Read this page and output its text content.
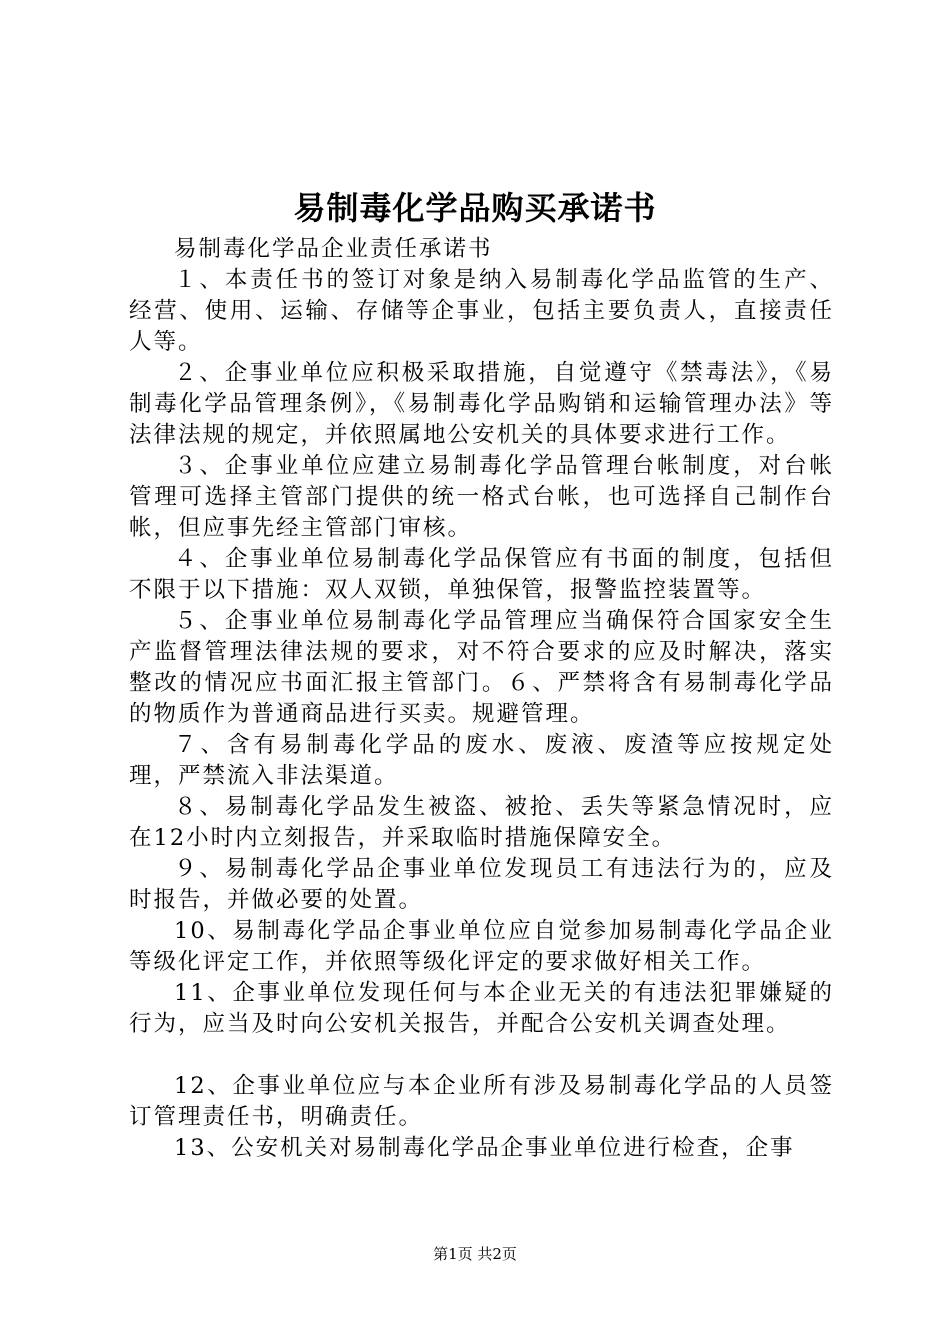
易制毒化学品购买承诺书

易制毒化学品企业责任承诺书

１、本责任书的签订对象是纳入易制毒化学品监管的生产、经营、使用、运输、存储等企事业，包括主要负责人，直接责任人等。

２、企事业单位应积极采取措施，自觉遵守《禁毒法》，《易制毒化学品管理条例》，《易制毒化学品购销和运输管理办法》等法律法规的规定，并依照属地公安机关的具体要求进行工作。

３、企事业单位应建立易制毒化学品管理台帐制度，对台帐管理可选择主管部门提供的统一格式台帐，也可选择自己制作台帐，但应事先经主管部门审核。

４、企事业单位易制毒化学品保管应有书面的制度，包括但不限于以下措施：双人双锁，单独保管，报警监控装置等。

５、企事业单位易制毒化学品管理应当确保符合国家安全生产监督管理法律法规的要求，对不符合要求的应及时解决，落实整改的情况应书面汇报主管部门。６、严禁将含有易制毒化学品的物质作为普通商品进行买卖。规避管理。

７、含有易制毒化学品的废水、废液、废渣等应按规定处理，严禁流入非法渠道。

８、易制毒化学品发生被盗、被抢、丢失等紧急情况时，应在12小时内立刻报告，并采取临时措施保障安全。

９、易制毒化学品企事业单位发现员工有违法行为的，应及时报告，并做必要的处置。

10、易制毒化学品企事业单位应自觉参加易制毒化学品企业等级化评定工作，并依照等级化评定的要求做好相关工作。

11、企事业单位发现任何与本企业无关的有违法犯罪嫌疑的行为，应当及时向公安机关报告，并配合公安机关调查处理。

12、企事业单位应与本企业所有涉及易制毒化学品的人员签订管理责任书，明确责任。

13、公安机关对易制毒化学品企事业单位进行检查，企事

第1页 共2页
